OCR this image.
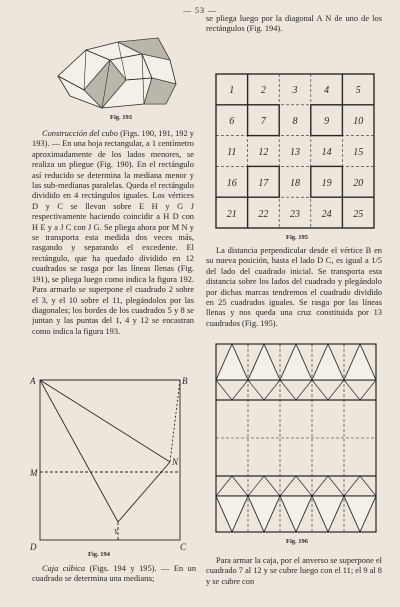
— 53 —
Fig. 193

Construcción del cubo (Figs. 190, 191, 192 y 193). — En una hoja rectangular, a 1 centímetro aproximadamente de los lados menores, se realiza un pliegue (Fig. 190). En el rectángulo así reducido se determina la mediana menor y las sub-medianas paralelas. Queda el rectángulo dividido en 4 rectángulos iguales. Los vértices D y C se llevan sobre E H y G J respectivamente haciendo coincidir a H D con H E y a J C con J G. Se pliega ahora por M N y se transporta esta medida dos veces más, rasgando y separando el excedente. El rectángulo, que ha quedado dividido en 12 cuadrados se rasga por las líneas llenas (Fig. 191), se pliega luego como indica la figura 192. Para armarlo se superpone el cuadrado 2 sobre el 3, y el 10 sobre el 11, plegándolos por las diagonales; los bordes de los cuadrados 5 y 8 se juntan y las puntas del 1, 4 y 12 se encastran como indica la figura 193.

A	B
M
N
D	C
Y
Fig. 194

Caja cúbica (Figs. 194 y 195). — En un cuadrado se determina una mediana;

se pliega luego por la diagonal A N de uno de los rectángulos (Fig. 194).

1	2	3	4	5
6	7	8	9 10
11 12 13 14 15
16 17 18 19 20
21 22 23 24 25
Fig. 195

La distancia perpendicular desde el vértice B en su nueva posición, hasta el lado D C, es igual a 1/5 del lado del cuadrado inicial. Se transporta esta distancia sobre los lados del cuadrado y plegándolo por dichas marcas tendremos el cuadrado dividido en 25 cuadrados iguales. Se rasga por las líneas llenas y nos queda una cruz constituida por 13 cuadrados (Fig. 195).

Fig. 196

Para armar la caja, por el anverso se superpone el cuadrado 7 al 12 y se cubre luego con el 11; el 9 al 8 y se cubre con
